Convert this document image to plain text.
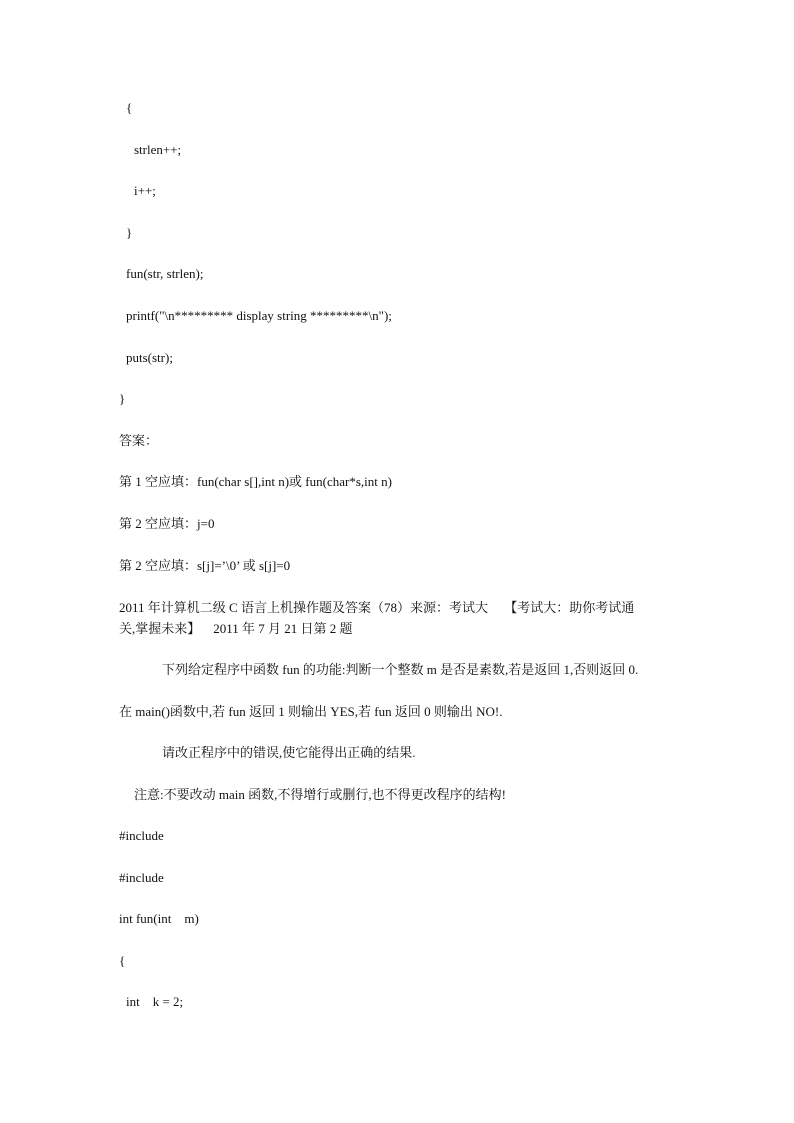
{
strlen++;
i++;
}
fun(str, strlen);
printf("\n********* display string *********\n");
puts(str);
}
答案：
第 1 空应填：fun(char s[],int n)或 fun(char*s,int n)
第 2 空应填：j=0
第 2 空应填：s[j]=’\0’ 或 s[j]=0
2011 年计算机二级 C 语言上机操作题及答案（78）来源：考试大     【考试大：助你考试通
关,掌握未来】    2011 年 7 月 21 日第 2 题
下列给定程序中函数 fun 的功能:判断一个整数 m 是否是素数,若是返回 1,否则返回 0.
在 main()函数中,若 fun 返回 1 则输出 YES,若 fun 返回 0 则输出 NO!.
请改正程序中的错误,使它能得出正确的结果.
注意:不要改动 main 函数,不得增行或删行,也不得更改程序的结构!
#include
#include
int fun(int    m)
{
int    k = 2;
